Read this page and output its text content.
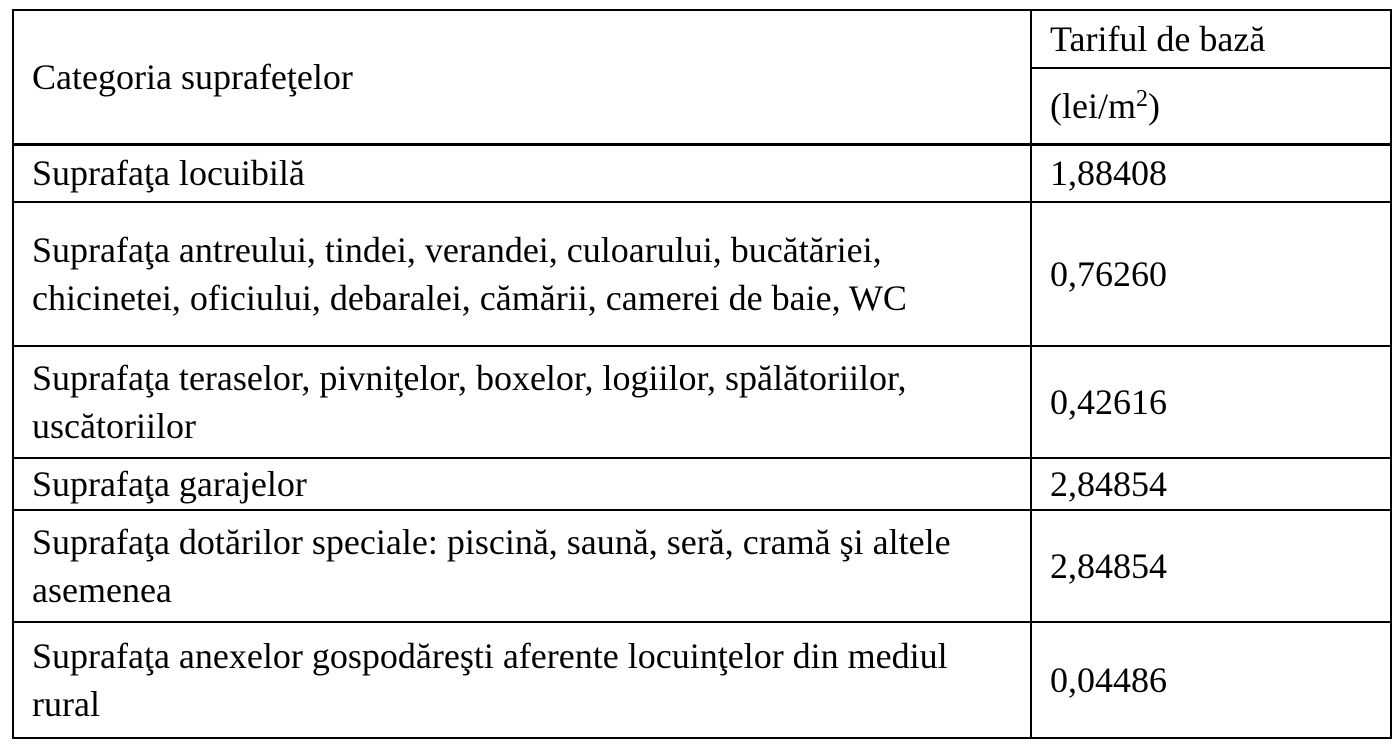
Categoria suprafeţelor	Tariful de bază
	$(lei/m^2)$
Suprafaţa locuibilă	1,88408
Suprafaţa antreului, tindei, verandei, culoarului, bucătăriei, chicinetei, oficiului, debaralei, cămării, camerei de baie, WC	0,76260
Suprafaţa teraselor, pivniţelor, boxelor, logiilor, spălătoriilor, uscătoriilor	0,42616
Suprafaţa garajelor	2,84854
Suprafaţa dotărilor speciale: piscină, saună, seră, cramă şi altele asemenea	2,84854
Suprafaţa anexelor gospodăreşti aferente locuinţelor din mediul rural	0,04486
